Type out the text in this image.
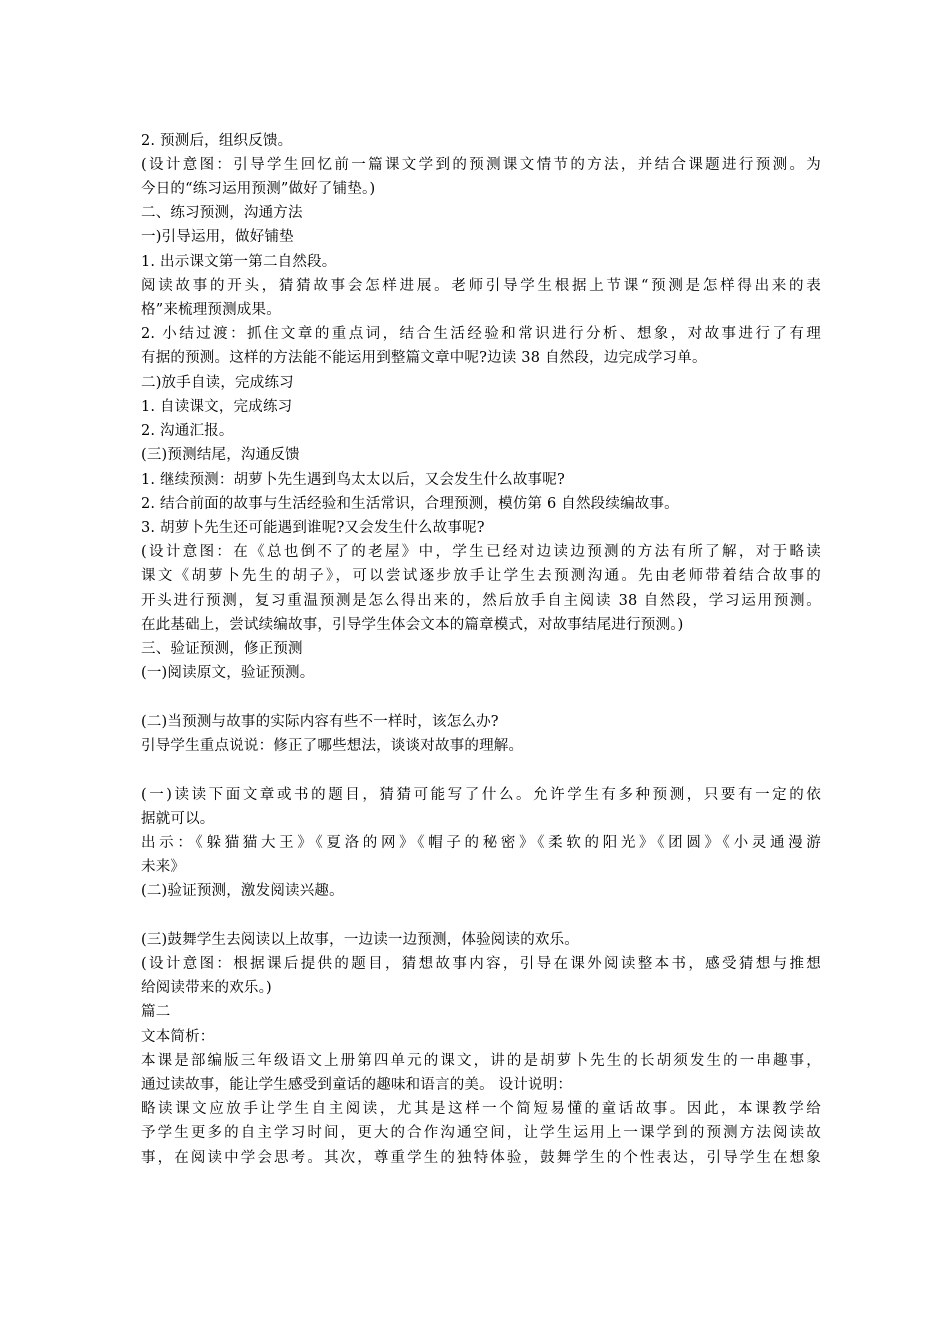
2. 预测后，组织反馈。
(设计意图：引导学生回忆前一篇课文学到的预测课文情节的方法，并结合课题进行预测。为
今日的“练习运用预测”做好了铺垫。)
二、练习预测，沟通方法
一)引导运用，做好铺垫
1. 出示课文第一第二自然段。
阅读故事的开头，猜猜故事会怎样进展。老师引导学生根据上节课“预测是怎样得出来的表
格”来梳理预测成果。
2. 小结过渡：抓住文章的重点词，结合生活经验和常识进行分析、想象，对故事进行了有理
有据的预测。这样的方法能不能运用到整篇文章中呢?边读 38 自然段，边完成学习单。
二)放手自读，完成练习
1. 自读课文，完成练习
2. 沟通汇报。
(三)预测结尾，沟通反馈
1. 继续预测：胡萝卜先生遇到鸟太太以后，又会发生什么故事呢?
2. 结合前面的故事与生活经验和生活常识，合理预测，模仿第 6 自然段续编故事。
3. 胡萝卜先生还可能遇到谁呢?又会发生什么故事呢?
(设计意图：在《总也倒不了的老屋》中，学生已经对边读边预测的方法有所了解，对于略读
课文《胡萝卜先生的胡子》，可以尝试逐步放手让学生去预测沟通。先由老师带着结合故事的
开头进行预测，复习重温预测是怎么得出来的，然后放手自主阅读 38 自然段，学习运用预测。
在此基础上，尝试续编故事，引导学生体会文本的篇章模式，对故事结尾进行预测。)
三、验证预测，修正预测
(一)阅读原文，验证预测。
(二)当预测与故事的实际内容有些不一样时，该怎么办?
引导学生重点说说：修正了哪些想法，谈谈对故事的理解。
(一)读读下面文章或书的题目，猜猜可能写了什么。允许学生有多种预测，只要有一定的依
据就可以。
出示：《躲猫猫大王》《夏洛的网》《帽子的秘密》《柔软的阳光》《团圆》《小灵通漫游
未来》
(二)验证预测，激发阅读兴趣。
(三)鼓舞学生去阅读以上故事，一边读一边预测，体验阅读的欢乐。
(设计意图：根据课后提供的题目，猜想故事内容，引导在课外阅读整本书，感受猜想与推想
给阅读带来的欢乐。)
篇二
文本简析：
本课是部编版三年级语文上册第四单元的课文，讲的是胡萝卜先生的长胡须发生的一串趣事，
通过读故事，能让学生感受到童话的趣味和语言的美。 设计说明：
略读课文应放手让学生自主阅读，尤其是这样一个简短易懂的童话故事。因此，本课教学给
予学生更多的自主学习时间，更大的合作沟通空间，让学生运用上一课学到的预测方法阅读故
事，在阅读中学会思考。其次，尊重学生的独特体验，鼓舞学生的个性表达，引导学生在想象
